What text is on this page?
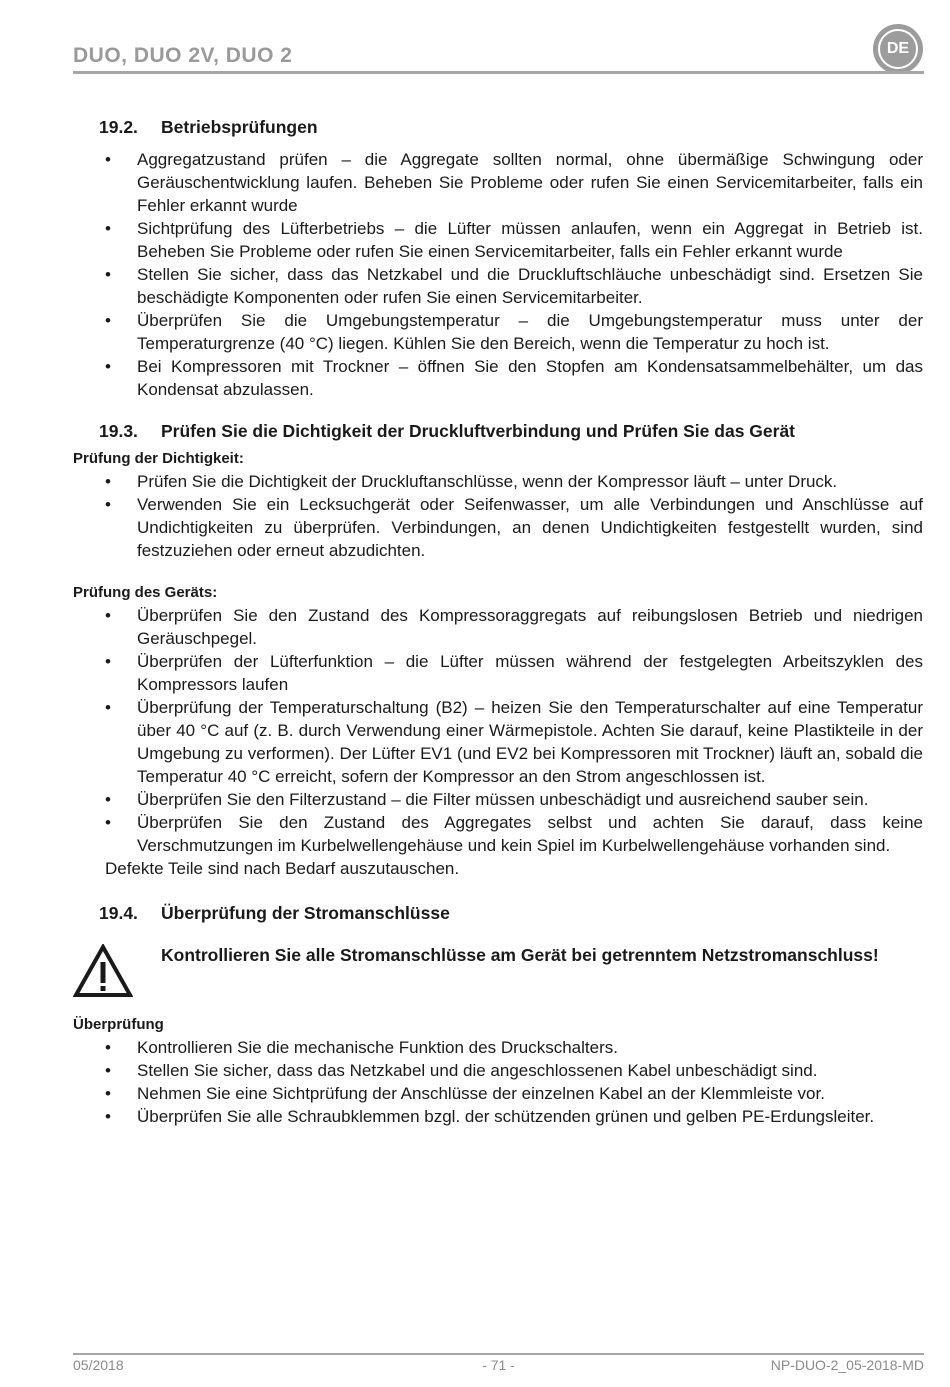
DUO, DUO 2V, DUO 2	DE
19.2. Betriebsprüfungen
• Aggregatzustand prüfen – die Aggregate sollten normal, ohne übermäßige Schwingung oder Geräuschentwicklung laufen. Beheben Sie Probleme oder rufen Sie einen Servicemitarbeiter, falls ein Fehler erkannt wurde
• Sichtprüfung des Lüfterbetriebs – die Lüfter müssen anlaufen, wenn ein Aggregat in Betrieb ist. Beheben Sie Probleme oder rufen Sie einen Servicemitarbeiter, falls ein Fehler erkannt wurde
• Stellen Sie sicher, dass das Netzkabel und die Druckluftschläuche unbeschädigt sind. Ersetzen Sie beschädigte Komponenten oder rufen Sie einen Servicemitarbeiter.
• Überprüfen Sie die Umgebungstemperatur – die Umgebungstemperatur muss unter der Temperaturgrenze (40 °C) liegen. Kühlen Sie den Bereich, wenn die Temperatur zu hoch ist.
• Bei Kompressoren mit Trockner – öffnen Sie den Stopfen am Kondensatsammelbehälter, um das Kondensat abzulassen.
19.3. Prüfen Sie die Dichtigkeit der Druckluftverbindung und Prüfen Sie das Gerät

Prüfung der Dichtigkeit:

• Prüfen Sie die Dichtigkeit der Druckluftanschlüsse, wenn der Kompressor läuft – unter Druck.
• Verwenden Sie ein Lecksuchgerät oder Seifenwasser, um alle Verbindungen und Anschlüsse auf Undichtigkeiten zu überprüfen. Verbindungen, an denen Undichtigkeiten festgestellt wurden, sind festzuziehen oder erneut abzudichten.

Prüfung des Geräts:

• Überprüfen Sie den Zustand des Kompressoraggregats auf reibungslosen Betrieb und niedrigen Geräuschpegel.
• Überprüfen der Lüfterfunktion – die Lüfter müssen während der festgelegten Arbeitszyklen des Kompressors laufen
• Überprüfung der Temperaturschaltung (B2) – heizen Sie den Temperaturschalter auf eine Temperatur über 40 °C auf (z. B. durch Verwendung einer Wärmepistole. Achten Sie darauf, keine Plastikteile in der Umgebung zu verformen). Der Lüfter EV1 (und EV2 bei Kompressoren mit Trockner) läuft an, sobald die Temperatur 40 °C erreicht, sofern der Kompressor an den Strom angeschlossen ist.
• Überprüfen Sie den Filterzustand – die Filter müssen unbeschädigt und ausreichend sauber sein.
• Überprüfen Sie den Zustand des Aggregates selbst und achten Sie darauf, dass keine Verschmutzungen im Kurbelwellengehäuse und kein Spiel im Kurbelwellengehäuse vorhanden sind.
Defekte Teile sind nach Bedarf auszutauschen.
19.4. Überprüfung der Stromanschlüsse
Kontrollieren Sie alle Stromanschlüsse am Gerät bei getrenntem Netzstromanschluss!

Überprüfung

• Kontrollieren Sie die mechanische Funktion des Druckschalters.
• Stellen Sie sicher, dass das Netzkabel und die angeschlossenen Kabel unbeschädigt sind.
• Nehmen Sie eine Sichtprüfung der Anschlüsse der einzelnen Kabel an der Klemmleiste vor.
• Überprüfen Sie alle Schraubklemmen bzgl. der schützenden grünen und gelben PE-Erdungsleiter.
05/2018	- 71 -	NP-DUO-2_05-2018-MD
